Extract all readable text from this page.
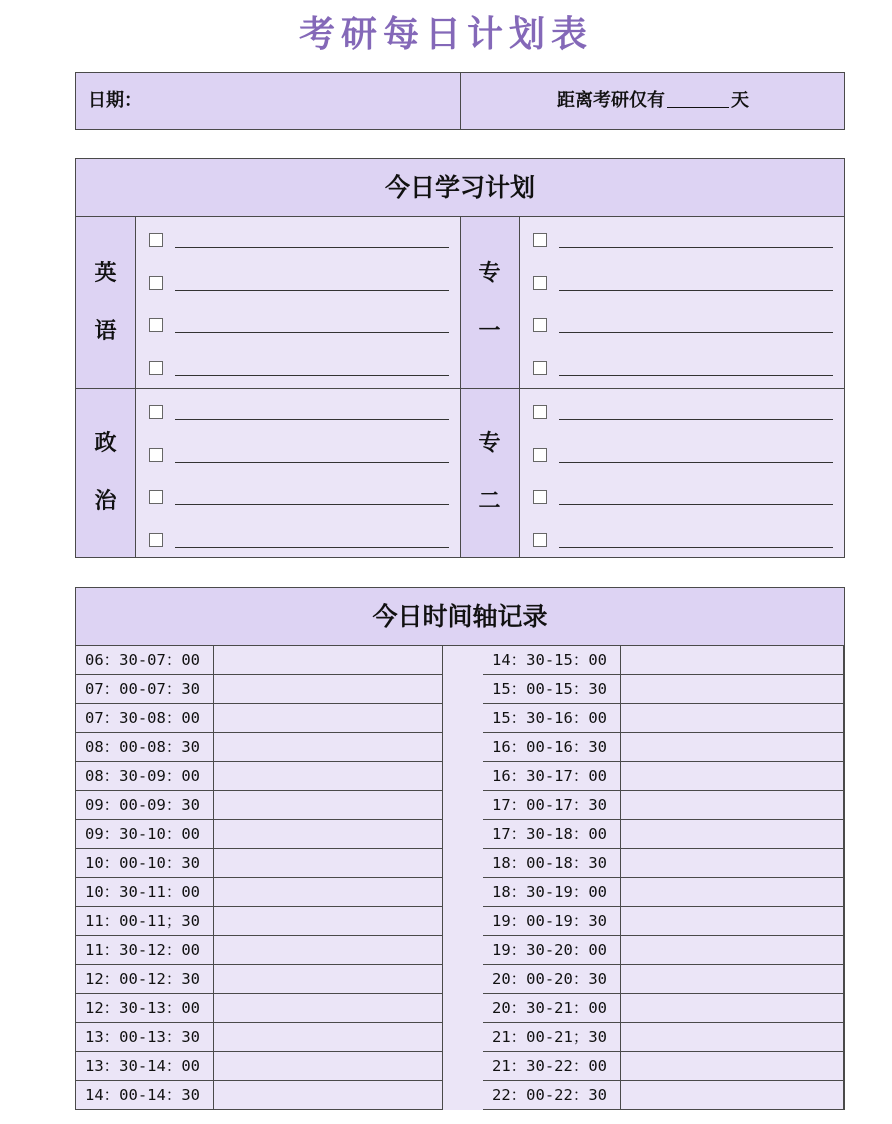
考研每日计划表
日期：	距离考研仅有	天
今日学习计划
英
语
专
一
政
治
专
二
今日时间轴记录
06：30-07：00
07：00-07：30
07：30-08：00
08：00-08：30
08：30-09：00
09：00-09：30
09：30-10：00
10：00-10：30
10：30-11：00
11：00-11；30
11：30-12：00
12：00-12：30
12：30-13：00
13：00-13：30
13：30-14：00
14：00-14：30
14：30-15：00
15：00-15：30
15：30-16：00
16：00-16：30
16：30-17：00
17：00-17：30
17：30-18：00
18：00-18：30
18：30-19：00
19：00-19：30
19：30-20：00
20：00-20：30
20：30-21：00
21：00-21；30
21：30-22：00
22：00-22：30
